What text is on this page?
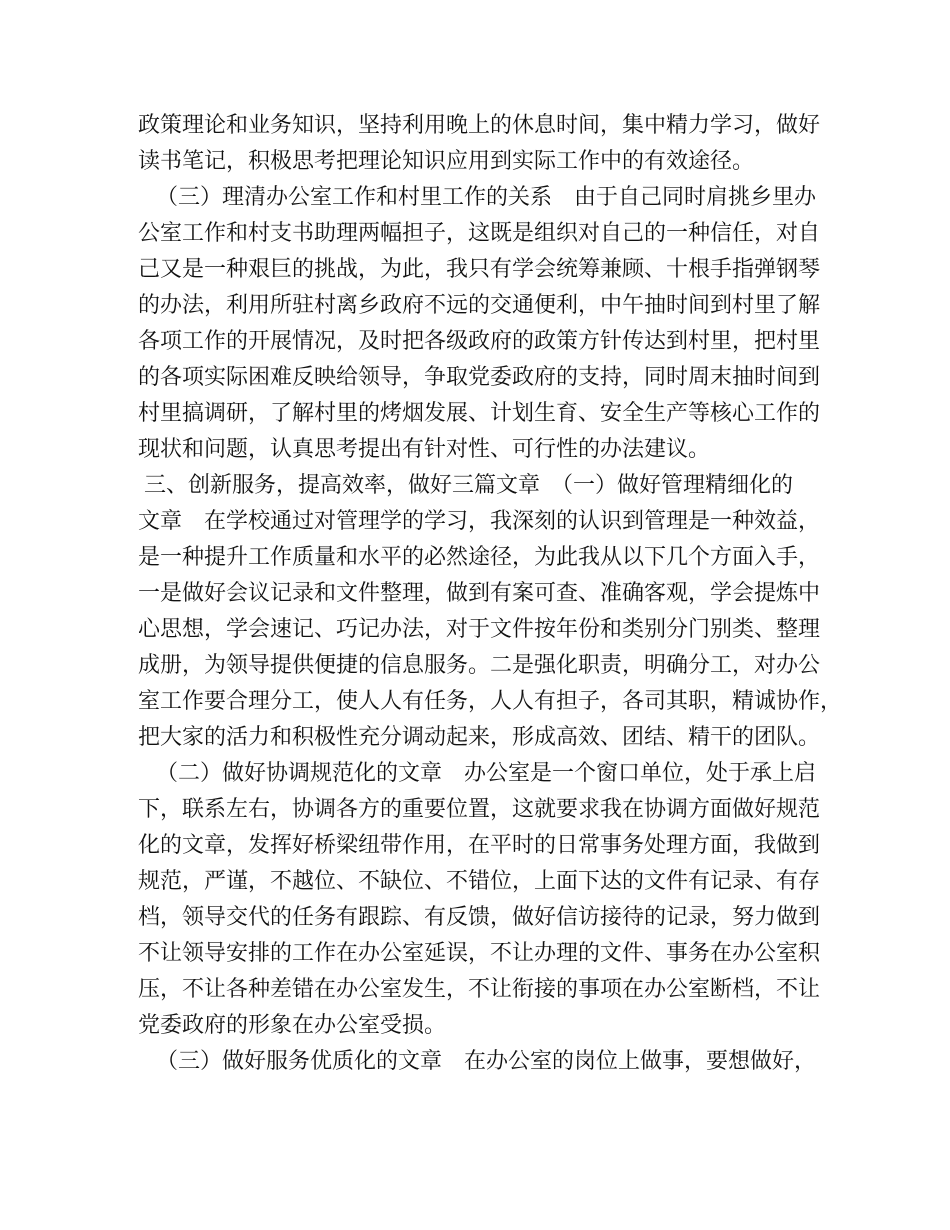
政策理论和业务知识，坚持利用晚上的休息时间，集中精力学习，做好
读书笔记，积极思考把理论知识应用到实际工作中的有效途径。
（三）理清办公室工作和村里工作的关系　由于自己同时肩挑乡里办
公室工作和村支书助理两幅担子，这既是组织对自己的一种信任，对自
己又是一种艰巨的挑战，为此，我只有学会统筹兼顾、十根手指弹钢琴
的办法，利用所驻村离乡政府不远的交通便利，中午抽时间到村里了解
各项工作的开展情况，及时把各级政府的政策方针传达到村里，把村里
的各项实际困难反映给领导，争取党委政府的支持，同时周末抽时间到
村里搞调研，了解村里的烤烟发展、计划生育、安全生产等核心工作的
现状和问题，认真思考提出有针对性、可行性的办法建议。
三、创新服务，提高效率，做好三篇文章　（一）做好管理精细化的
文章　在学校通过对管理学的学习，我深刻的认识到管理是一种效益，
是一种提升工作质量和水平的必然途径，为此我从以下几个方面入手，
一是做好会议记录和文件整理，做到有案可查、准确客观，学会提炼中
心思想，学会速记、巧记办法，对于文件按年份和类别分门别类、整理
成册，为领导提供便捷的信息服务。二是强化职责，明确分工，对办公
室工作要合理分工，使人人有任务，人人有担子，各司其职，精诚协作，
把大家的活力和积极性充分调动起来，形成高效、团结、精干的团队。
（二）做好协调规范化的文章　办公室是一个窗口单位，处于承上启
下，联系左右，协调各方的重要位置，这就要求我在协调方面做好规范
化的文章，发挥好桥梁纽带作用，在平时的日常事务处理方面，我做到
规范，严谨，不越位、不缺位、不错位，上面下达的文件有记录、有存
档，领导交代的任务有跟踪、有反馈，做好信访接待的记录，努力做到
不让领导安排的工作在办公室延误，不让办理的文件、事务在办公室积
压，不让各种差错在办公室发生，不让衔接的事项在办公室断档，不让
党委政府的形象在办公室受损。
（三）做好服务优质化的文章　在办公室的岗位上做事，要想做好，
